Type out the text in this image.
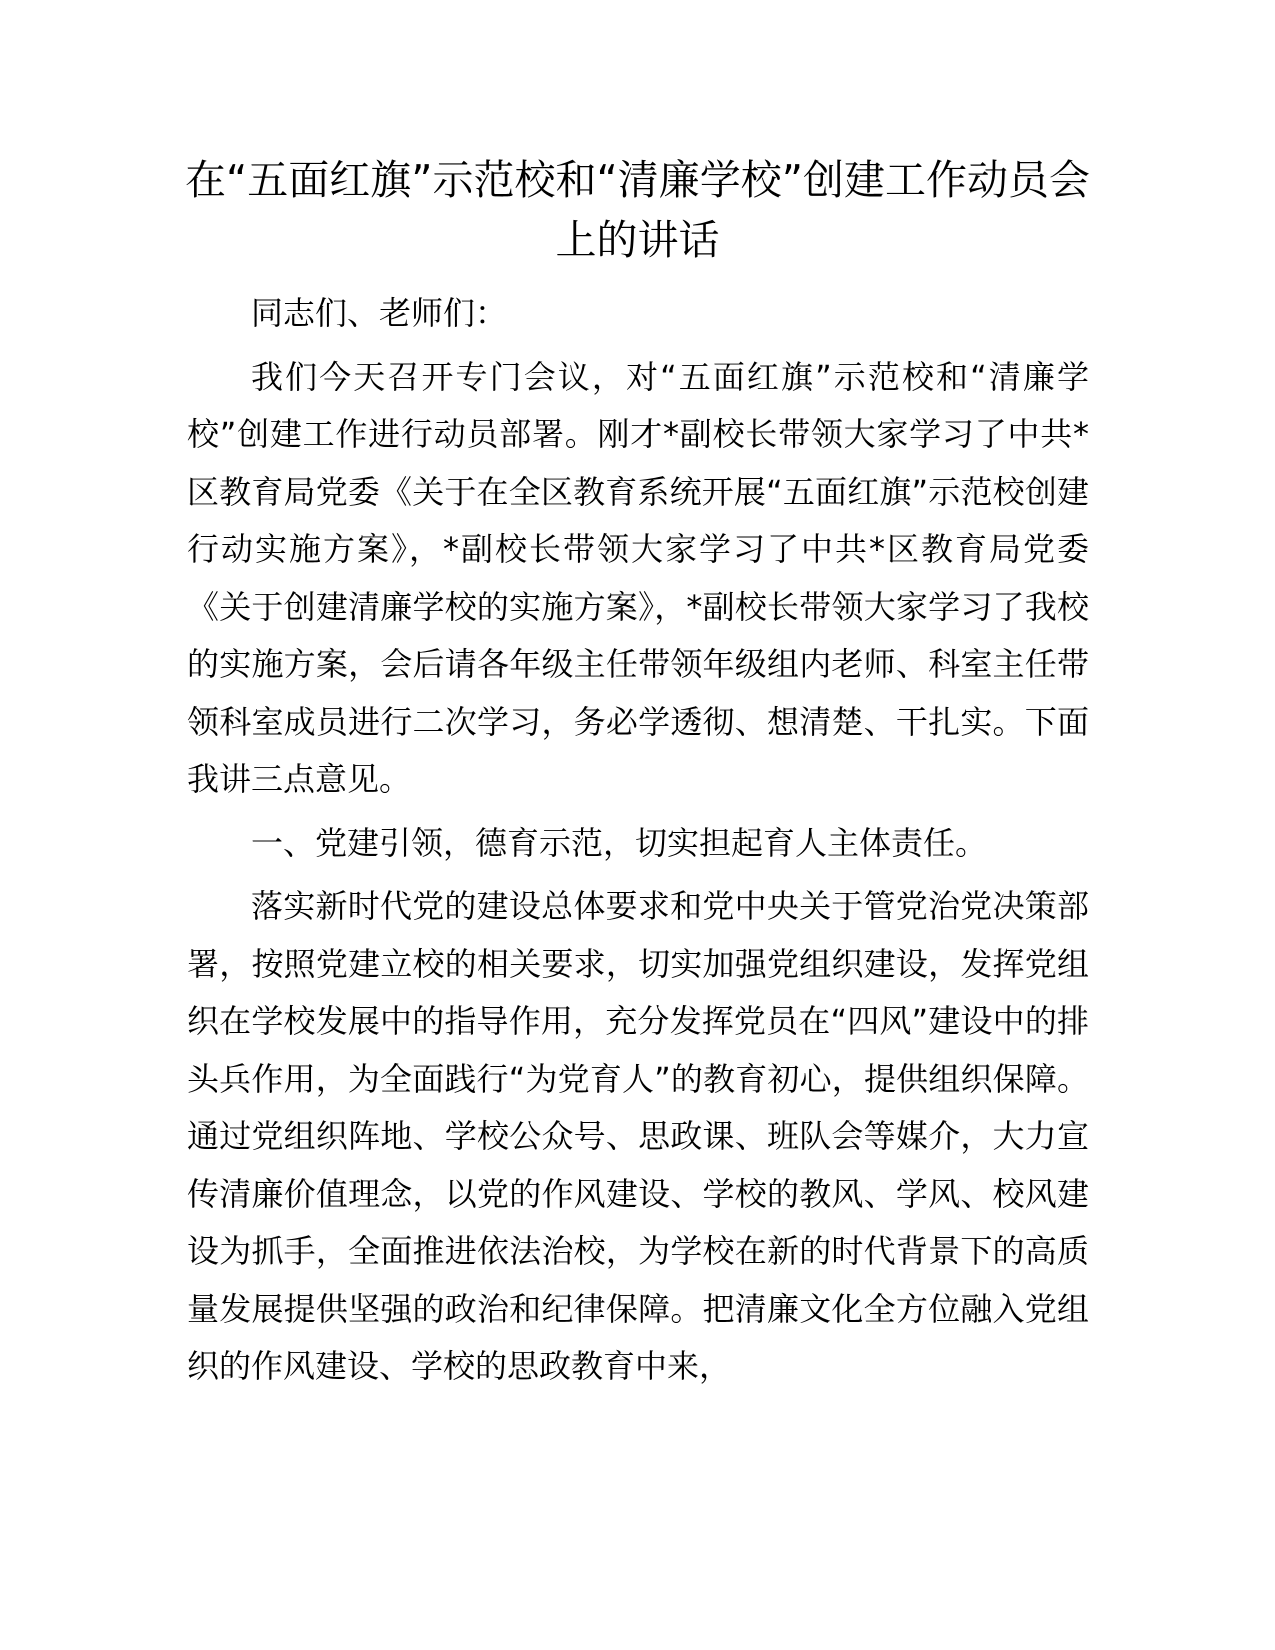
在“五面红旗”示范校和“清廉学校”创建工作动员会上的讲话

同志们、老师们：

我们今天召开专门会议，对“五面红旗”示范校和“清廉学校”创建工作进行动员部署。刚才*副校长带领大家学习了中共*区教育局党委《关于在全区教育系统开展“五面红旗”示范校创建行动实施方案》，*副校长带领大家学习了中共*区教育局党委《关于创建清廉学校的实施方案》，*副校长带领大家学习了我校的实施方案，会后请各年级主任带领年级组内老师、科室主任带领科室成员进行二次学习，务必学透彻、想清楚、干扎实。下面我讲三点意见。

一、党建引领，德育示范，切实担起育人主体责任。

落实新时代党的建设总体要求和党中央关于管党治党决策部署，按照党建立校的相关要求，切实加强党组织建设，发挥党组织在学校发展中的指导作用，充分发挥党员在“四风”建设中的排头兵作用，为全面践行“为党育人”的教育初心，提供组织保障。通过党组织阵地、学校公众号、思政课、班队会等媒介，大力宣传清廉价值理念，以党的作风建设、学校的教风、学风、校风建设为抓手，全面推进依法治校，为学校在新的时代背景下的高质量发展提供坚强的政治和纪律保障。把清廉文化全方位融入党组织的作风建设、学校的思政教育中来，
